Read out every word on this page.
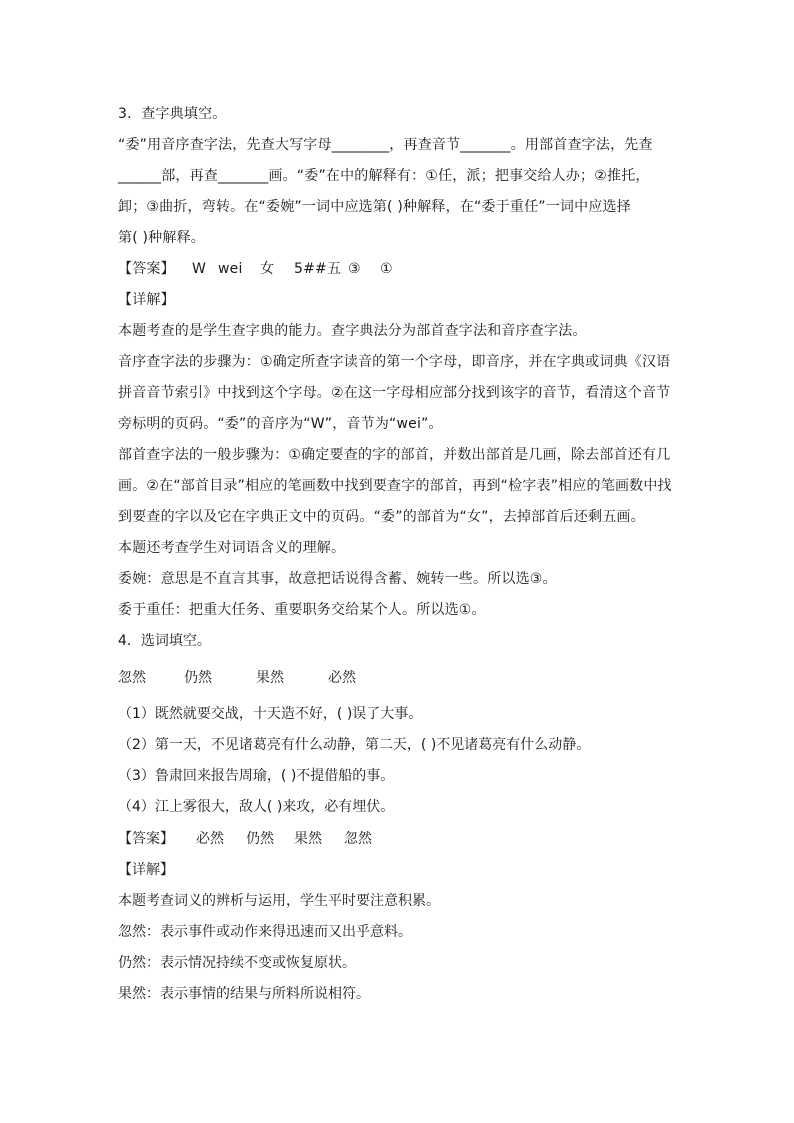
3．查字典填空。
“委”用音序查字法，先查大写字母________，再查音节_______。用部首查字法，先查
______部，再查_______画。“委”在中的解释有：①任，派；把事交给人办；②推托，
卸；③曲折，弯转。在“委婉”一词中应选第( )种解释，在“委于重任”一词中应选择
第( )种解释。
【答案】 W wei 女 5##五 ③ ①
【详解】
本题考查的是学生查字典的能力。查字典法分为部首查字法和音序查字法。
音序查字法的步骤为：①确定所查字读音的第一个字母，即音序，并在字典或词典《汉语
拼音音节索引》中找到这个字母。②在这一字母相应部分找到该字的音节，看清这个音节
旁标明的页码。“委”的音序为“W”，音节为“wei”。
部首查字法的一般步骤为：①确定要查的字的部首，并数出部首是几画，除去部首还有几
画。②在“部首目录”相应的笔画数中找到要查字的部首，再到“检字表”相应的笔画数中找
到要查的字以及它在字典正文中的页码。“委”的部首为“女”，去掉部首后还剩五画。
本题还考查学生对词语含义的理解。
委婉：意思是不直言其事，故意把话说得含蓄、婉转一些。所以选③。
委于重任：把重大任务、重要职务交给某个人。所以选①。
4．选词填空。
忽然	仍然	果然	必然
（1）既然就要交战，十天造不好，( )误了大事。
（2）第一天，不见诸葛亮有什么动静，第二天，( )不见诸葛亮有什么动静。
（3）鲁肃回来报告周瑜，( )不提借船的事。
（4）江上雾很大，敌人( )来攻，必有埋伏。
【答案】 必然 仍然 果然 忽然
【详解】
本题考查词义的辨析与运用，学生平时要注意积累。
忽然：表示事件或动作来得迅速而又出乎意料。
仍然：表示情况持续不变或恢复原状。
果然：表示事情的结果与所料所说相符。
